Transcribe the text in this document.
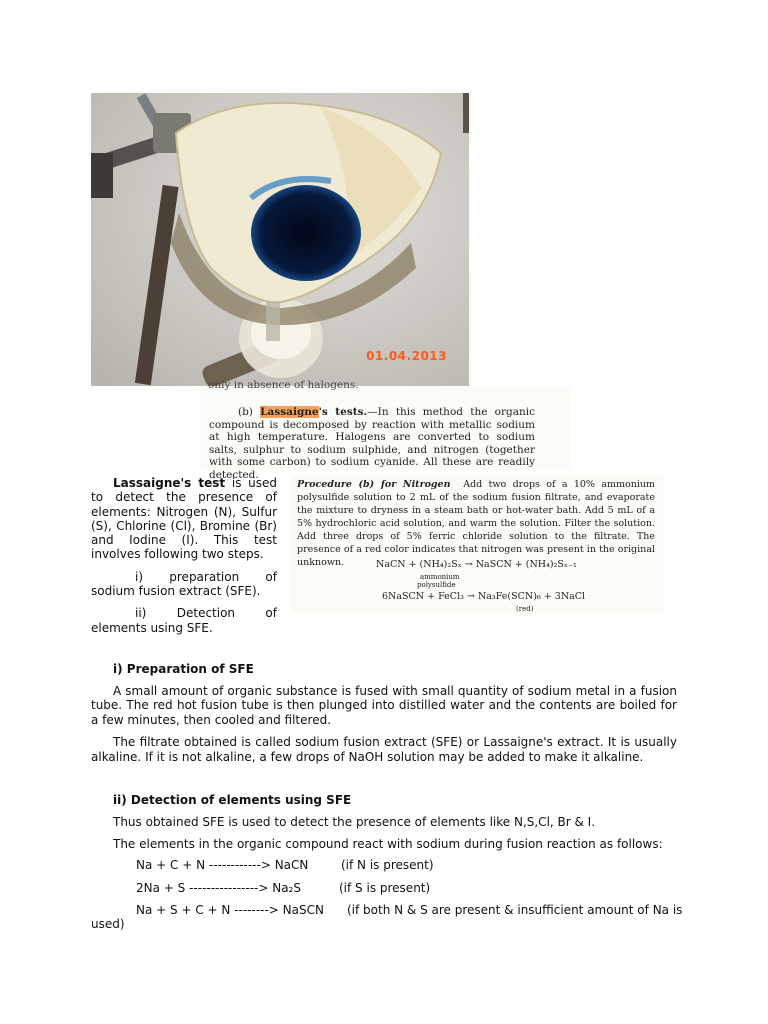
01.04.2013
only in absence of halogens.
(b) Lassaigne's tests.—In this method the organic compound is decomposed by reaction with metallic sodium at high temperature. Halogens are converted to sodium salts, sulphur to sodium sulphide, and nitrogen (together with some carbon) to sodium cyanide. All these are readily detected.
Procedure (b) for Nitrogen Add two drops of a 10% ammonium polysulfide solution to 2 mL of the sodium fusion filtrate, and evaporate the mixture to dryness in a steam bath or hot-water bath. Add 5 mL of a 5% hydrochloric acid solution, and warm the solution. Filter the solution. Add three drops of 5% ferric chloride solution to the filtrate. The presence of a red color indicates that nitrogen was present in the original unknown.	NaCN + (NH₄)₂Sₓ → NaSCN + (NH₄)₂Sₓ₋₁
ammonium
polysulfide
6NaSCN + FeCl₃ → Na₃Fe(SCN)₆ + 3NaCl
(red)

Lassaigne's test is used to detect the presence of elements: Nitrogen (N), Sulfur (S), Chlorine (Cl), Bromine (Br) and Iodine (I). This test involves following two steps.

i) preparation of sodium fusion extract (SFE).

ii) Detection of elements using SFE.

i) Preparation of SFE

A small amount of organic substance is fused with small quantity of sodium metal in a fusion tube. The red hot fusion tube is then plunged into distilled water and the contents are boiled for a few minutes, then cooled and filtered.

The filtrate obtained is called sodium fusion extract (SFE) or Lassaigne's extract. It is usually alkaline. If it is not alkaline, a few drops of NaOH solution may be added to make it alkaline.

ii) Detection of elements using SFE

Thus obtained SFE is used to detect the presence of elements like N,S,Cl, Br & I.

The elements in the organic compound react with sodium during fusion reaction as follows:

Na + C + N ------------> NaCN	(if N is present)
2Na + S ----------------> Na₂S	(if S is present)
Na + S + C + N --------> NaSCN (if both N & S are present & insufficient amount of Na is
used)
